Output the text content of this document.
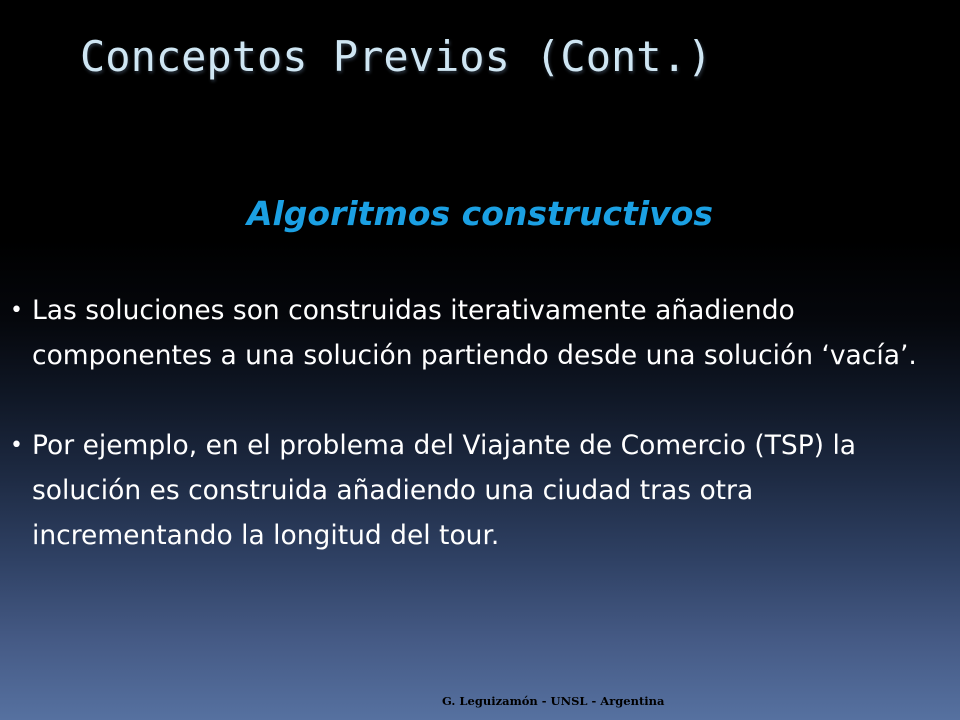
Conceptos Previos (Cont.)
Algoritmos constructivos
• Las soluciones son construidas iterativamente añadiendo componentes a una solución partiendo desde una solución ‘vacía’.
• Por ejemplo, en el problema del Viajante de Comercio (TSP) la solución es construida añadiendo una ciudad tras otra incrementando la longitud del tour.

G. Leguizamón - UNSL - Argentina
